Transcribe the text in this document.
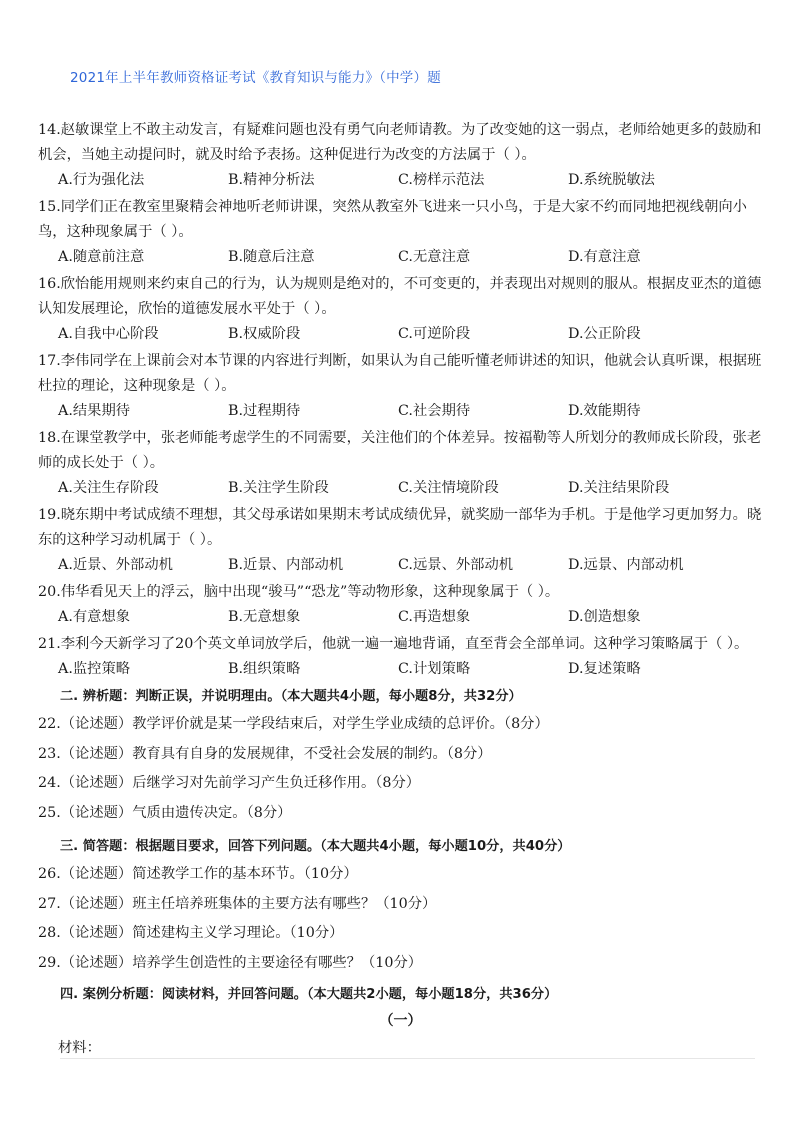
2021年上半年教师资格证考试《教育知识与能力》（中学）题
14.赵敏课堂上不敢主动发言，有疑难问题也没有勇气向老师请教。为了改变她的这一弱点，老师给她更多的鼓励和机会，当她主动提问时，就及时给予表扬。这种促进行为改变的方法属于（ ）。
A.行为强化法	B.精神分析法	C.榜样示范法	D.系统脱敏法
15.同学们正在教室里聚精会神地听老师讲课，突然从教室外飞进来一只小鸟，于是大家不约而同地把视线朝向小鸟，这种现象属于（ ）。
A.随意前注意	B.随意后注意	C.无意注意	D.有意注意
16.欣怡能用规则来约束自己的行为，认为规则是绝对的，不可变更的，并表现出对规则的服从。根据皮亚杰的道德认知发展理论，欣怡的道德发展水平处于（ ）。
A.自我中心阶段	B.权威阶段	C.可逆阶段	D.公正阶段
17.李伟同学在上课前会对本节课的内容进行判断，如果认为自己能听懂老师讲述的知识，他就会认真听课，根据班杜拉的理论，这种现象是（ ）。
A.结果期待	B.过程期待	C.社会期待	D.效能期待
18.在课堂教学中，张老师能考虑学生的不同需要，关注他们的个体差异。按福勒等人所划分的教师成长阶段，张老师的成长处于（ ）。
A.关注生存阶段	B.关注学生阶段	C.关注情境阶段	D.关注结果阶段
19.晓东期中考试成绩不理想，其父母承诺如果期末考试成绩优异，就奖励一部华为手机。于是他学习更加努力。晓东的这种学习动机属于（ ）。
A.近景、外部动机	B.近景、内部动机	C.远景、外部动机	D.远景、内部动机
20.伟华看见天上的浮云，脑中出现“骏马”“恐龙”等动物形象，这种现象属于（ ）。
A.有意想象	B.无意想象	C.再造想象	D.创造想象
21.李利今天新学习了20个英文单词放学后，他就一遍一遍地背诵，直至背会全部单词。这种学习策略属于（ ）。
A.监控策略	B.组织策略	C.计划策略	D.复述策略
二. 辨析题：判断正误，并说明理由。（本大题共4小题，每小题8分，共32分）
22.（论述题）教学评价就是某一学段结束后，对学生学业成绩的总评价。（8分）
23.（论述题）教育具有自身的发展规律，不受社会发展的制约。（8分）
24.（论述题）后继学习对先前学习产生负迁移作用。（8分）
25.（论述题）气质由遗传决定。（8分）
三. 简答题：根据题目要求，回答下列问题。（本大题共4小题，每小题10分，共40分）
26.（论述题）简述教学工作的基本环节。（10分）
27.（论述题）班主任培养班集体的主要方法有哪些？（10分）
28.（论述题）简述建构主义学习理论。（10分）
29.（论述题）培养学生创造性的主要途径有哪些？（10分）
四. 案例分析题：阅读材料，并回答问题。（本大题共2小题，每小题18分，共36分）
（一）
材料：
